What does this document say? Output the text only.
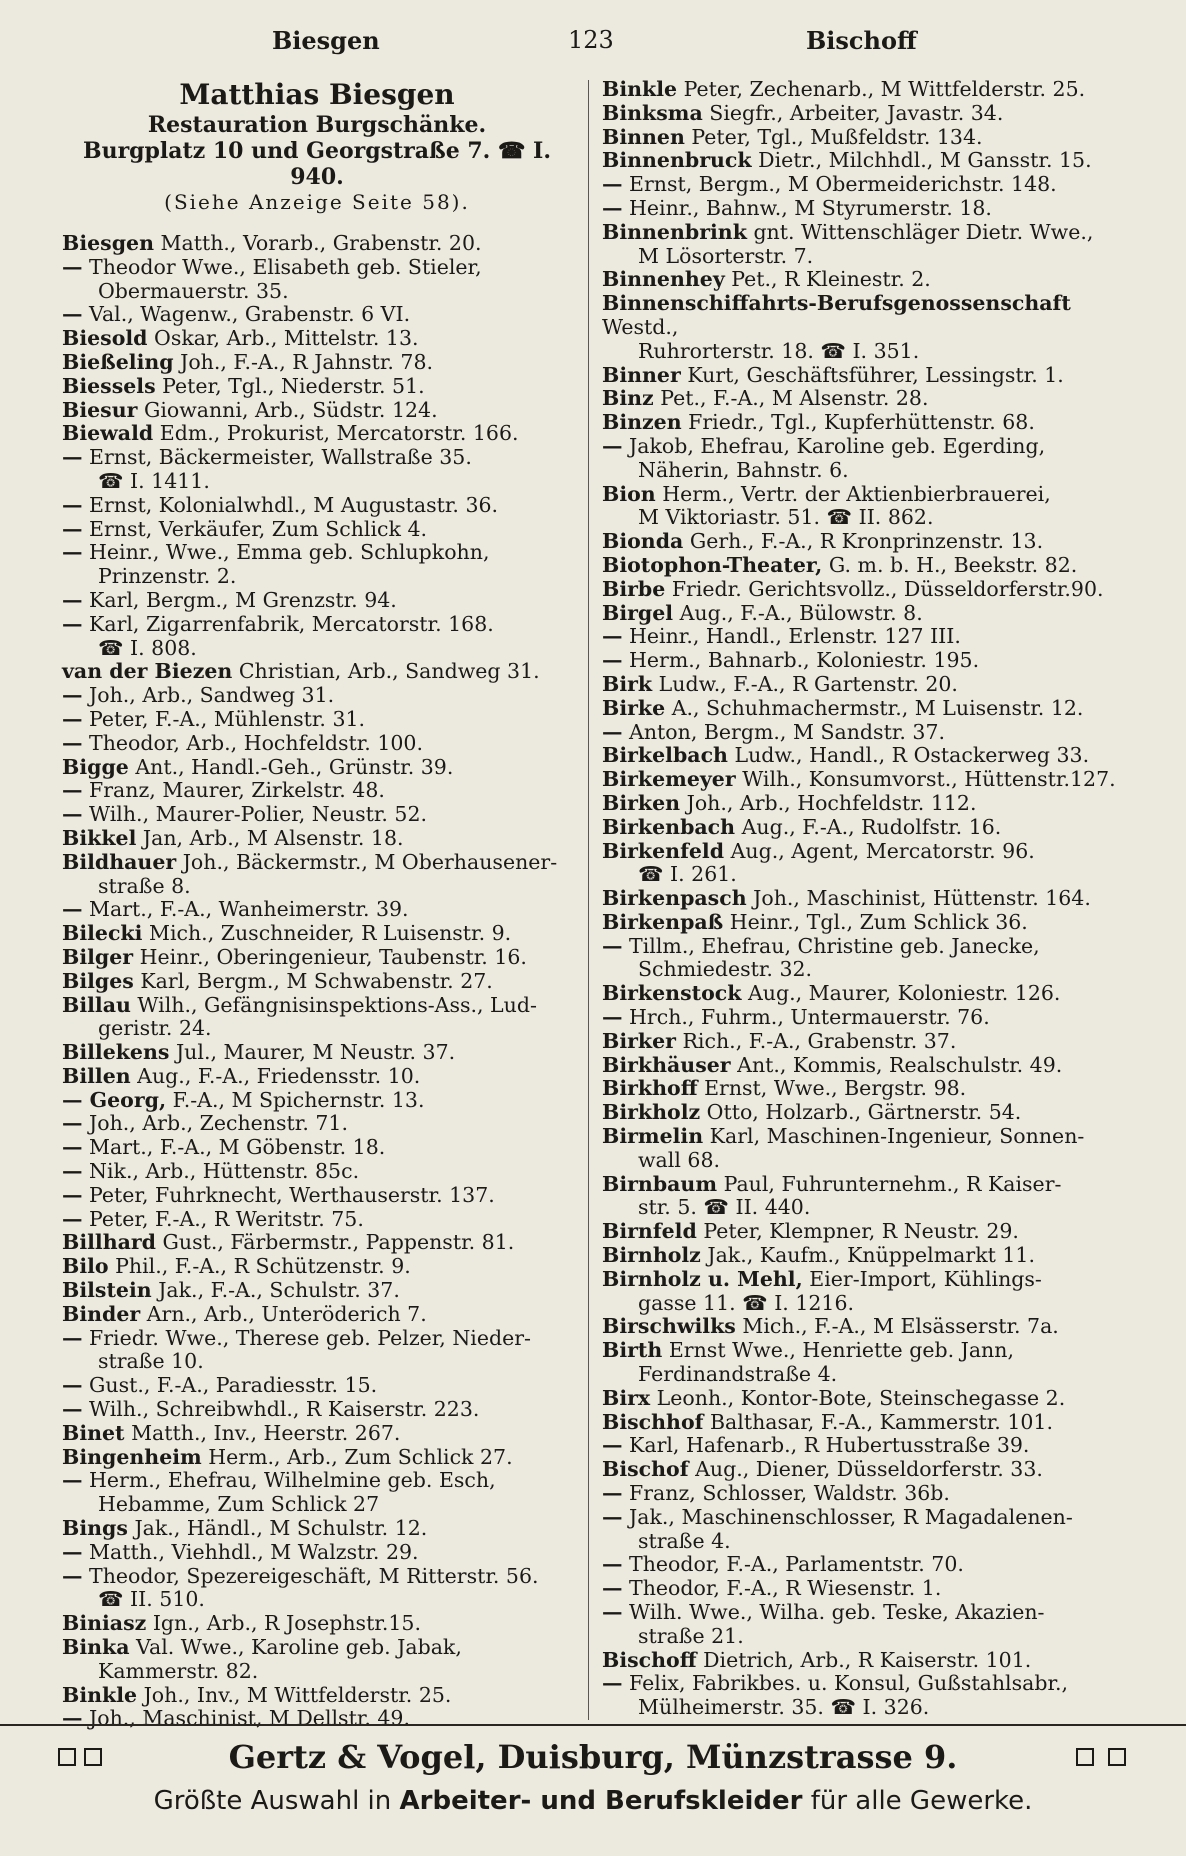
Biesgen	123	Bischoff
Matthias Biesgen
Restauration Burgschänke.
Burgplatz 10 und Georgstraße 7. ☎ I. 940.
(Siehe Anzeige Seite 58).
Biesgen Matth., Vorarb., Grabenstr. 20.
— Theodor Wwe., Elisabeth geb. Stieler,
Obermauerstr. 35.
— Val., Wagenw., Grabenstr. 6 VI.
Biesold Oskar, Arb., Mittelstr. 13.
Bießeling Joh., F.-A., R Jahnstr. 78.
Biessels Peter, Tgl., Niederstr. 51.
Biesur Giowanni, Arb., Südstr. 124.
Biewald Edm., Prokurist, Mercatorstr. 166.
— Ernst, Bäckermeister, Wallstraße 35.
☎ I. 1411.
— Ernst, Kolonialwhdl., M Augustastr. 36.
— Ernst, Verkäufer, Zum Schlick 4.
— Heinr., Wwe., Emma geb. Schlupkohn,
Prinzenstr. 2.
— Karl, Bergm., M Grenzstr. 94.
— Karl, Zigarrenfabrik, Mercatorstr. 168.
☎ I. 808.
van der Biezen Christian, Arb., Sandweg 31.
— Joh., Arb., Sandweg 31.
— Peter, F.-A., Mühlenstr. 31.
— Theodor, Arb., Hochfeldstr. 100.
Bigge Ant., Handl.-Geh., Grünstr. 39.
— Franz, Maurer, Zirkelstr. 48.
— Wilh., Maurer-Polier, Neustr. 52.
Bikkel Jan, Arb., M Alsenstr. 18.
Bildhauer Joh., Bäckermstr., M Oberhausener-
straße 8.
— Mart., F.-A., Wanheimerstr. 39.
Bilecki Mich., Zuschneider, R Luisenstr. 9.
Bilger Heinr., Oberingenieur, Taubenstr. 16.
Bilges Karl, Bergm., M Schwabenstr. 27.
Billau Wilh., Gefängnisinspektions-Ass., Lud-
geristr. 24.
Billekens Jul., Maurer, M Neustr. 37.
Billen Aug., F.-A., Friedensstr. 10.
— Georg, F.-A., M Spichernstr. 13.
— Joh., Arb., Zechenstr. 71.
— Mart., F.-A., M Göbenstr. 18.
— Nik., Arb., Hüttenstr. 85c.
— Peter, Fuhrknecht, Werthauserstr. 137.
— Peter, F.-A., R Weritstr. 75.
Billhard Gust., Färbermstr., Pappenstr. 81.
Bilo Phil., F.-A., R Schützenstr. 9.
Bilstein Jak., F.-A., Schulstr. 37.
Binder Arn., Arb., Unteröderich 7.
— Friedr. Wwe., Therese geb. Pelzer, Nieder-
straße 10.
— Gust., F.-A., Paradiesstr. 15.
— Wilh., Schreibwhdl., R Kaiserstr. 223.
Binet Matth., Inv., Heerstr. 267.
Bingenheim Herm., Arb., Zum Schlick 27.
— Herm., Ehefrau, Wilhelmine geb. Esch,
Hebamme, Zum Schlick 27
Bings Jak., Händl., M Schulstr. 12.
— Matth., Viehhdl., M Walzstr. 29.
— Theodor, Spezereigeschäft, M Ritterstr. 56.
☎ II. 510.
Biniasz Ign., Arb., R Josephstr.15.
Binka Val. Wwe., Karoline geb. Jabak,
Kammerstr. 82.
Binkle Joh., Inv., M Wittfelderstr. 25.
— Joh., Maschinist, M Dellstr. 49.
Binkle Peter, Zechenarb., M Wittfelderstr. 25.
Binksma Siegfr., Arbeiter, Javastr. 34.
Binnen Peter, Tgl., Mußfeldstr. 134.
Binnenbruck Dietr., Milchhdl., M Gansstr. 15.
— Ernst, Bergm., M Obermeiderichstr. 148.
— Heinr., Bahnw., M Styrumerstr. 18.
Binnenbrink gnt. Wittenschläger Dietr. Wwe.,
M Lösorterstr. 7.
Binnenhey Pet., R Kleinestr. 2.
Binnenschiffahrts-Berufsgenossenschaft Westd.,
Ruhrorterstr. 18. ☎ I. 351.
Binner Kurt, Geschäftsführer, Lessingstr. 1.
Binz Pet., F.-A., M Alsenstr. 28.
Binzen Friedr., Tgl., Kupferhüttenstr. 68.
— Jakob, Ehefrau, Karoline geb. Egerding,
Näherin, Bahnstr. 6.
Bion Herm., Vertr. der Aktienbierbrauerei,
M Viktoriastr. 51. ☎ II. 862.
Bionda Gerh., F.-A., R Kronprinzenstr. 13.
Biotophon-Theater, G. m. b. H., Beekstr. 82.
Birbe Friedr. Gerichtsvollz., Düsseldorferstr.90.
Birgel Aug., F.-A., Bülowstr. 8.
— Heinr., Handl., Erlenstr. 127 III.
— Herm., Bahnarb., Koloniestr. 195.
Birk Ludw., F.-A., R Gartenstr. 20.
Birke A., Schuhmachermstr., M Luisenstr. 12.
— Anton, Bergm., M Sandstr. 37.
Birkelbach Ludw., Handl., R Ostackerweg 33.
Birkemeyer Wilh., Konsumvorst., Hüttenstr.127.
Birken Joh., Arb., Hochfeldstr. 112.
Birkenbach Aug., F.-A., Rudolfstr. 16.
Birkenfeld Aug., Agent, Mercatorstr. 96.
☎ I. 261.
Birkenpasch Joh., Maschinist, Hüttenstr. 164.
Birkenpaß Heinr., Tgl., Zum Schlick 36.
— Tillm., Ehefrau, Christine geb. Janecke,
Schmiedestr. 32.
Birkenstock Aug., Maurer, Koloniestr. 126.
— Hrch., Fuhrm., Untermauerstr. 76.
Birker Rich., F.-A., Grabenstr. 37.
Birkhäuser Ant., Kommis, Realschulstr. 49.
Birkhoff Ernst, Wwe., Bergstr. 98.
Birkholz Otto, Holzarb., Gärtnerstr. 54.
Birmelin Karl, Maschinen-Ingenieur, Sonnen-
wall 68.
Birnbaum Paul, Fuhrunternehm., R Kaiser-
str. 5. ☎ II. 440.
Birnfeld Peter, Klempner, R Neustr. 29.
Birnholz Jak., Kaufm., Knüppelmarkt 11.
Birnholz u. Mehl, Eier-Import, Kühlings-
gasse 11. ☎ I. 1216.
Birschwilks Mich., F.-A., M Elsässerstr. 7a.
Birth Ernst Wwe., Henriette geb. Jann,
Ferdinandstraße 4.
Birx Leonh., Kontor-Bote, Steinschegasse 2.
Bischhof Balthasar, F.-A., Kammerstr. 101.
— Karl, Hafenarb., R Hubertusstraße 39.
Bischof Aug., Diener, Düsseldorferstr. 33.
— Franz, Schlosser, Waldstr. 36b.
— Jak., Maschinenschlosser, R Magadalenen-
straße 4.
— Theodor, F.-A., Parlamentstr. 70.
— Theodor, F.-A., R Wiesenstr. 1.
— Wilh. Wwe., Wilha. geb. Teske, Akazien-
straße 21.
Bischoff Dietrich, Arb., R Kaiserstr. 101.
— Felix, Fabrikbes. u. Konsul, Gußstahlsabr.,
Mülheimerstr. 35. ☎ I. 326.
Gertz & Vogel, Duisburg, Münzstrasse 9.
Größte Auswahl in Arbeiter- und Berufskleider für alle Gewerke.
